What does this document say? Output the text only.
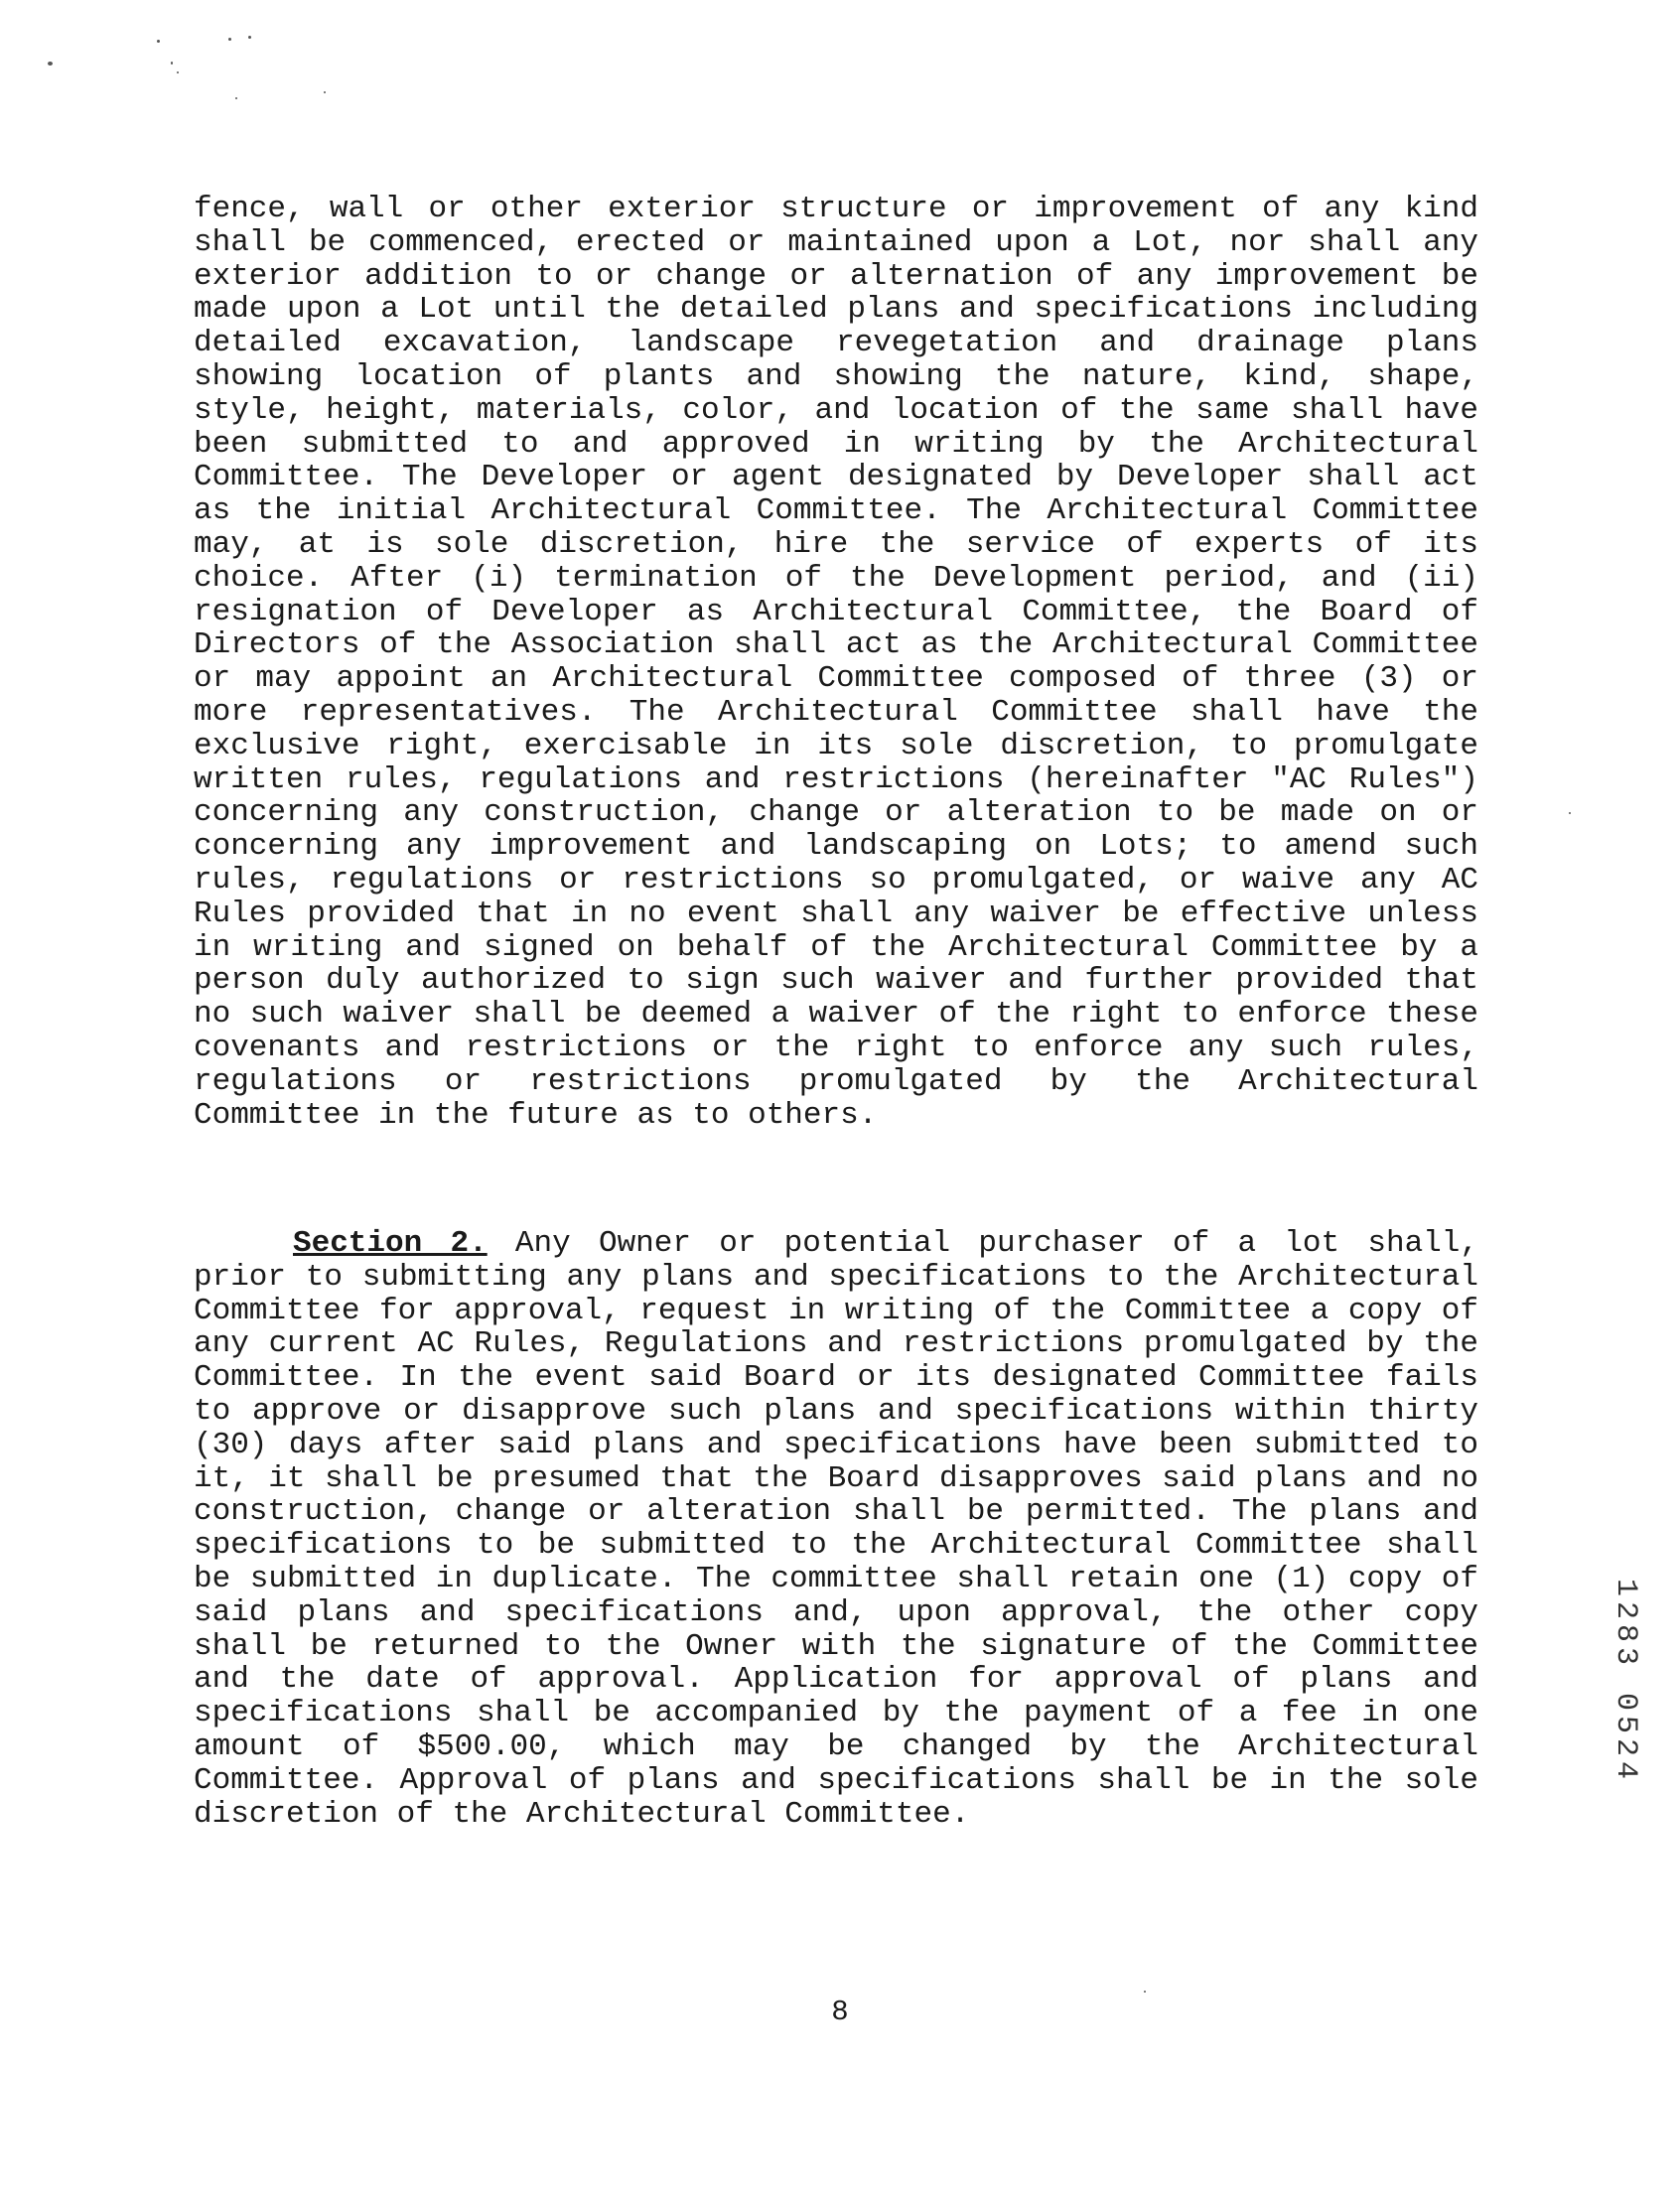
fence, wall or other exterior structure or improvement of any kind shall be commenced, erected or maintained upon a Lot, nor shall any exterior addition to or change or alternation of any improvement be made upon a Lot until the detailed plans and specifications including detailed excavation, landscape revegetation and drainage plans showing location of plants and showing the nature, kind, shape, style, height, materials, color, and location of the same shall have been submitted to and approved in writing by the Architectural Committee. The Developer or agent designated by Developer shall act as the initial Architectural Committee. The Architectural Committee may, at is sole discretion, hire the service of experts of its choice. After (i) termination of the Development period, and (ii) resignation of Developer as Architectural Committee, the Board of Directors of the Association shall act as the Architectural Committee or may appoint an Architectural Committee composed of three (3) or more representatives. The Architectural Committee shall have the exclusive right, exercisable in its sole discretion, to promulgate written rules, regulations and restrictions (hereinafter "AC Rules") concerning any construction, change or alteration to be made on or concerning any improvement and landscaping on Lots; to amend such rules, regulations or restrictions so promulgated, or waive any AC Rules provided that in no event shall any waiver be effective unless in writing and signed on behalf of the Architectural Committee by a person duly authorized to sign such waiver and further provided that no such waiver shall be deemed a waiver of the right to enforce these covenants and restrictions or the right to enforce any such rules, regulations or restrictions promulgated by the Architectural Committee in the future as to others.

Section 2. Any Owner or potential purchaser of a lot shall, prior to submitting any plans and specifications to the Architectural Committee for approval, request in writing of the Committee a copy of any current AC Rules, Regulations and restrictions promulgated by the Committee. In the event said Board or its designated Committee fails to approve or disapprove such plans and specifications within thirty (30) days after said plans and specifications have been submitted to it, it shall be presumed that the Board disapproves said plans and no construction, change or alteration shall be permitted. The plans and specifications to be submitted to the Architectural Committee shall be submitted in duplicate. The committee shall retain one (1) copy of said plans and specifications and, upon approval, the other copy shall be returned to the Owner with the signature of the Committee and the date of approval. Application for approval of plans and specifications shall be accompanied by the payment of a fee in one amount of $500.00, which may be changed by the Architectural Committee. Approval of plans and specifications shall be in the sole discretion of the Architectural Committee.

8
1283 0524
